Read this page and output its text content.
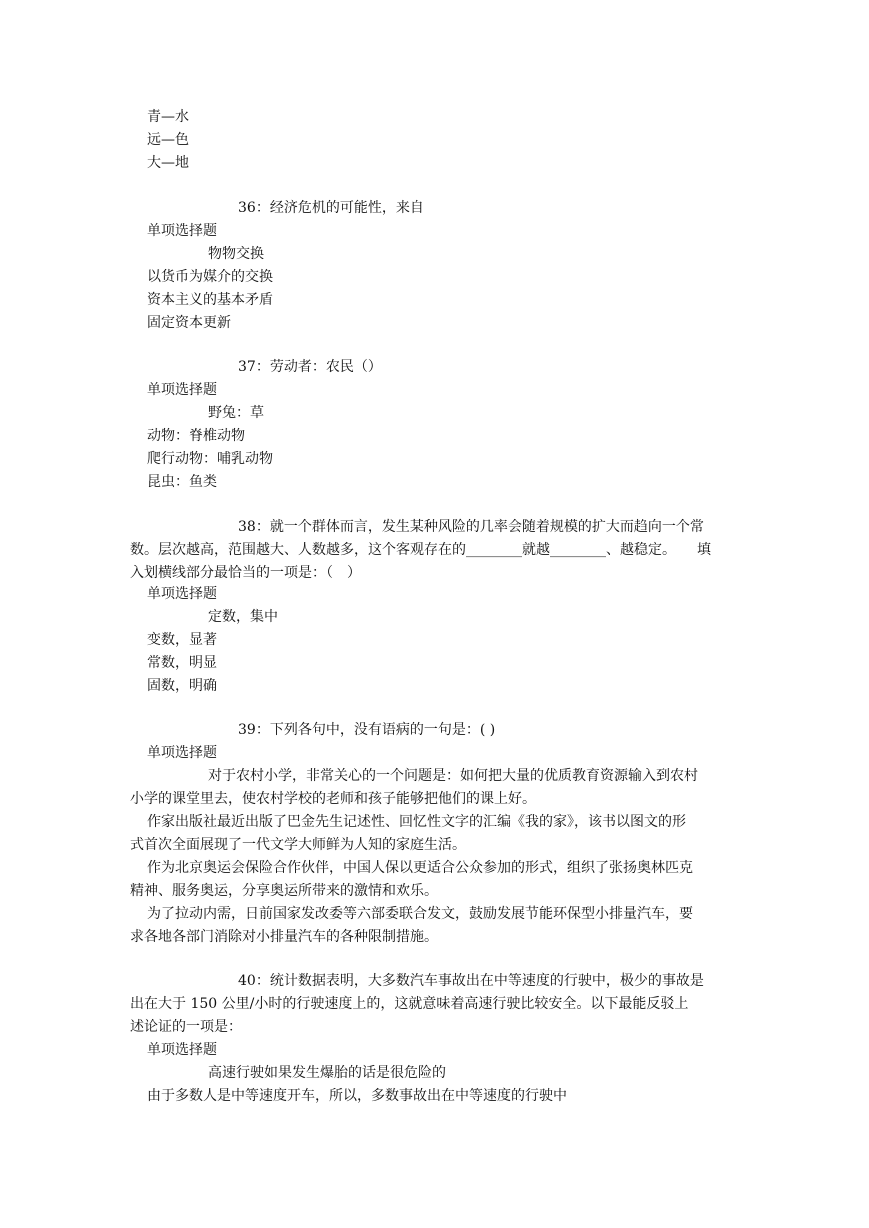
青—水
远—色
大—地
36：经济危机的可能性，来自
单项选择题
物物交换
以货币为媒介的交换
资本主义的基本矛盾
固定资本更新
37：劳动者：农民（）
单项选择题
野兔：草
动物：脊椎动物
爬行动物：哺乳动物
昆虫：鱼类
38：就一个群体而言，发生某种风险的几率会随着规模的扩大而趋向一个常
数。层次越高，范围越大、人数越多，这个客观存在的________就越________、越稳定。　　填
入划横线部分最恰当的一项是：（　）
单项选择题
定数，集中
变数，显著
常数，明显
固数，明确
39：下列各句中，没有语病的一句是：( )
单项选择题
对于农村小学，非常关心的一个问题是：如何把大量的优质教育资源输入到农村
小学的课堂里去，使农村学校的老师和孩子能够把他们的课上好。
作家出版社最近出版了巴金先生记述性、回忆性文字的汇编《我的家》，该书以图文的形
式首次全面展现了一代文学大师鲜为人知的家庭生活。
作为北京奥运会保险合作伙伴，中国人保以更适合公众参加的形式，组织了张扬奥林匹克
精神、服务奥运，分享奥运所带来的激情和欢乐。
为了拉动内需，日前国家发改委等六部委联合发文，鼓励发展节能环保型小排量汽车，要
求各地各部门消除对小排量汽车的各种限制措施。
40：统计数据表明，大多数汽车事故出在中等速度的行驶中，极少的事故是
出在大于 150 公里/小时的行驶速度上的，这就意味着高速行驶比较安全。以下最能反驳上
述论证的一项是：
单项选择题
高速行驶如果发生爆胎的话是很危险的
由于多数人是中等速度开车，所以，多数事故出在中等速度的行驶中
